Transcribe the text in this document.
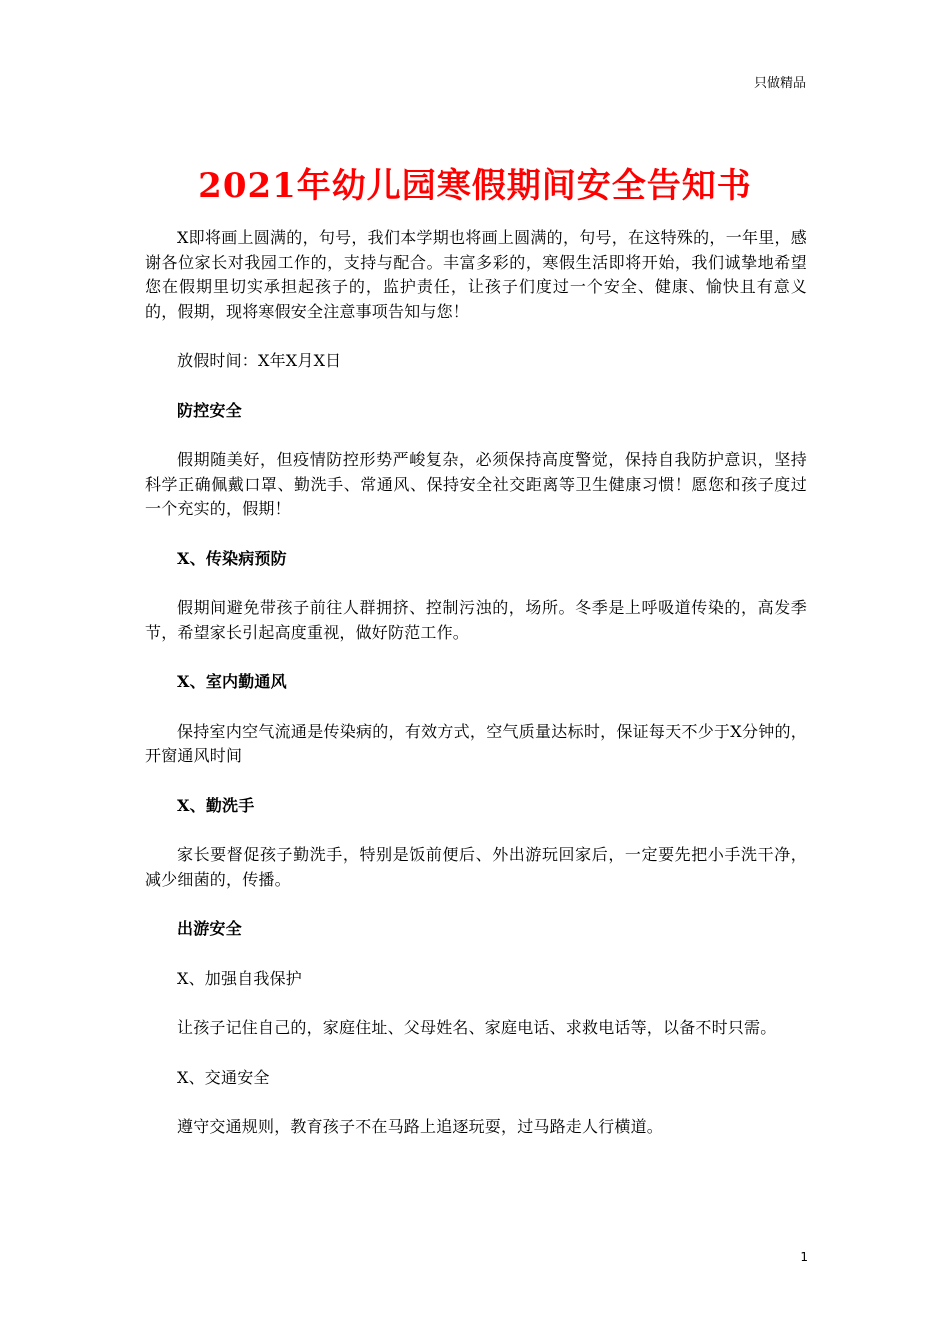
只做精品
2021年幼儿园寒假期间安全告知书

X即将画上圆满的，句号，我们本学期也将画上圆满的，句号，在这特殊的，一年里，感谢各位家长对我园工作的，支持与配合。丰富多彩的，寒假生活即将开始，我们诚挚地希望您在假期里切实承担起孩子的，监护责任，让孩子们度过一个安全、健康、愉快且有意义的，假期，现将寒假安全注意事项告知与您！

放假时间：X年X月X日

防控安全

假期随美好，但疫情防控形势严峻复杂，必须保持高度警觉，保持自我防护意识，坚持科学正确佩戴口罩、勤洗手、常通风、保持安全社交距离等卫生健康习惯！愿您和孩子度过一个充实的，假期！

X、传染病预防

假期间避免带孩子前往人群拥挤、控制污浊的，场所。冬季是上呼吸道传染的，高发季节，希望家长引起高度重视，做好防范工作。

X、室内勤通风

保持室内空气流通是传染病的，有效方式，空气质量达标时，保证每天不少于X分钟的，开窗通风时间

X、勤洗手

家长要督促孩子勤洗手，特别是饭前便后、外出游玩回家后，一定要先把小手洗干净，减少细菌的，传播。

出游安全

X、加强自我保护

让孩子记住自己的，家庭住址、父母姓名、家庭电话、求救电话等，以备不时只需。

X、交通安全

遵守交通规则，教育孩子不在马路上追逐玩耍，过马路走人行横道。

1
